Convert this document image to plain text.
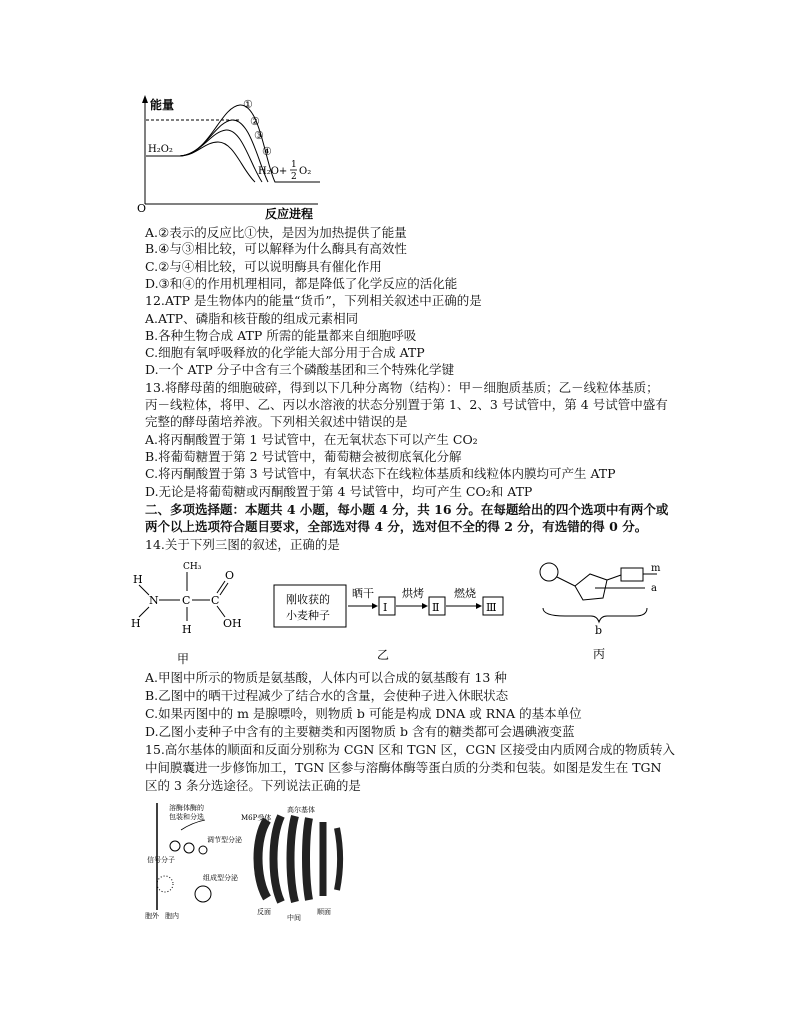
能量
O
H₂O₂
①
②
③
④
H₂O+
1
2 O₂
反应进程
A.②表示的反应比①快，是因为加热提供了能量
B.④与③相比较，可以解释为什么酶具有高效性
C.②与④相比较，可以说明酶具有催化作用
D.③和④的作用机理相同，都是降低了化学反应的活化能
12.ATP 是生物体内的能量“货币”，下列相关叙述中正确的是
A.ATP、磷脂和核苷酸的组成元素相同
B.各种生物合成 ATP 所需的能量都来自细胞呼吸
C.细胞有氧呼吸释放的化学能大部分用于合成 ATP
D.一个 ATP 分子中含有三个磷酸基团和三个特殊化学键
13.将酵母菌的细胞破碎，得到以下几种分离物（结构）：甲－细胞质基质；乙－线粒体基质；
丙－线粒体，将甲、乙、丙以水溶液的状态分别置于第 1、2、3 号试管中，第 4 号试管中盛有
完整的酵母菌培养液。下列相关叙述中错误的是
A.将丙酮酸置于第 1 号试管中，在无氧状态下可以产生 CO₂
B.将葡萄糖置于第 2 号试管中，葡萄糖会被彻底氧化分解
C.将丙酮酸置于第 3 号试管中，有氧状态下在线粒体基质和线粒体内膜均可产生 ATP
D.无论是将葡萄糖或丙酮酸置于第 4 号试管中，均可产生 CO₂和 ATP
二、多项选择题：本题共 4 小题，每小题 4 分，共 16 分。在每题给出的四个选项中有两个或
两个以上选项符合题目要求，全部选对得 4 分，选对但不全的得 2 分，有选错的得 0 分。
14.关于下列三图的叙述，正确的是
CH₃
O
H
N C C
OH
H	H
甲
刚收获的
小麦种子
晒干
Ⅰ
烘烤
Ⅱ
燃烧
Ⅲ
乙
m
a
b
丙
A.甲图中所示的物质是氨基酸，人体内可以合成的氨基酸有 13 种
B.乙图中的晒干过程减少了结合水的含量，会使种子进入休眠状态
C.如果丙图中的 m 是腺嘌呤，则物质 b 可能是构成 DNA 或 RNA 的基本单位
D.乙图小麦种子中含有的主要糖类和丙图物质 b 含有的糖类都可会遇碘液变蓝
15.高尔基体的顺面和反面分别称为 CGN 区和 TGN 区，CGN 区接受由内质网合成的物质转入
中间膜囊进一步修饰加工，TGN 区参与溶酶体酶等蛋白质的分类和包装。如图是发生在 TGN
区的 3 条分选途径。下列说法正确的是
溶酶体酶的
包装和分选	M6P受体
高尔基体
调节型分泌
信号分子
组成型分泌
胞外 胞内	反面
中间
顺面
